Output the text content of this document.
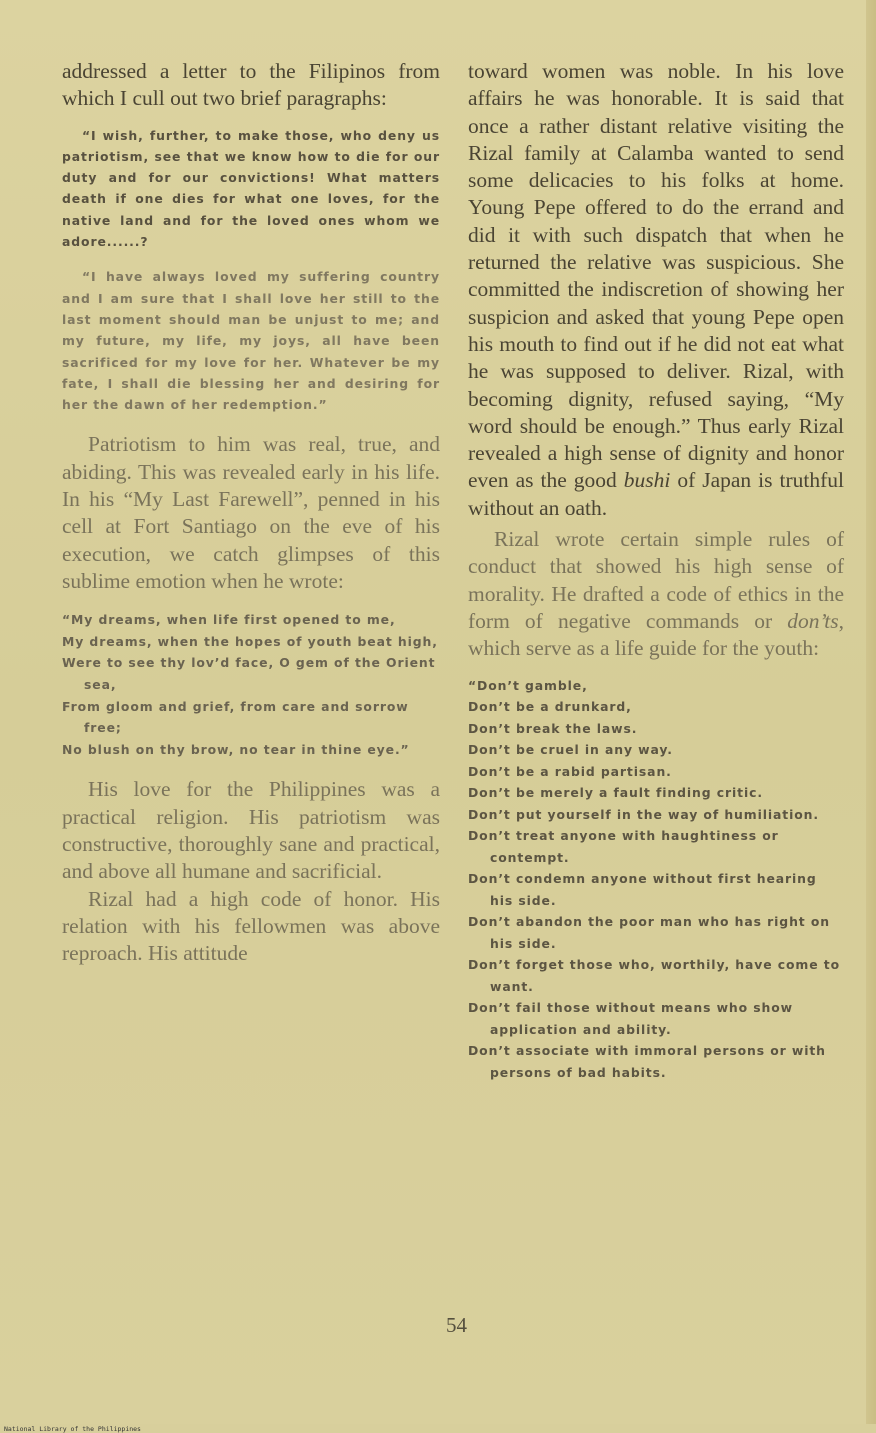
addressed a letter to the Filipinos from which I cull out two brief paragraphs:

“I wish, further, to make those, who deny us patriotism, see that we know how to die for our duty and for our convictions! What matters death if one dies for what one loves, for the native land and for the loved ones whom we adore......?

“I have always loved my suffering country and I am sure that I shall love her still to the last moment should man be unjust to me; and my future, my life, my joys, all have been sacrificed for my love for her. Whatever be my fate, I shall die blessing her and desiring for her the dawn of her redemption.”

Patriotism to him was real, true, and abiding. This was revealed early in his life. In his “My Last Farewell”, penned in his cell at Fort Santiago on the eve of his execution, we catch glimpses of this sublime emotion when he wrote:

“My dreams, when life first opened to me,

My dreams, when the hopes of youth beat high,

Were to see thy lov’d face, O gem of the Orient sea,

From gloom and grief, from care and sorrow free;

No blush on thy brow, no tear in thine eye.”

His love for the Philippines was a practical religion. His patriotism was constructive, thoroughly sane and practical, and above all humane and sacrificial.

Rizal had a high code of honor. His relation with his fellowmen was above reproach. His attitude

toward women was noble. In his love affairs he was honorable. It is said that once a rather distant relative visiting the Rizal family at Calamba wanted to send some delicacies to his folks at home. Young Pepe offered to do the errand and did it with such dispatch that when he returned the relative was suspicious. She committed the indiscretion of showing her suspicion and asked that young Pepe open his mouth to find out if he did not eat what he was supposed to deliver. Rizal, with becoming dignity, refused saying, “My word should be enough.” Thus early Rizal revealed a high sense of dignity and honor even as the good bushi of Japan is truthful without an oath.

Rizal wrote certain simple rules of conduct that showed his high sense of morality. He drafted a code of ethics in the form of negative commands or don’ts, which serve as a life guide for the youth:

“Don’t gamble,

Don’t be a drunkard,

Don’t break the laws.

Don’t be cruel in any way.

Don’t be a rabid partisan.

Don’t be merely a fault finding critic.

Don’t put yourself in the way of humiliation.

Don’t treat anyone with haughtiness or contempt.

Don’t condemn anyone without first hearing his side.

Don’t abandon the poor man who has right on his side.

Don’t forget those who, worthily, have come to want.

Don’t fail those without means who show application and ability.

Don’t associate with immoral persons or with persons of bad habits.

54
National Library of the Philippines
